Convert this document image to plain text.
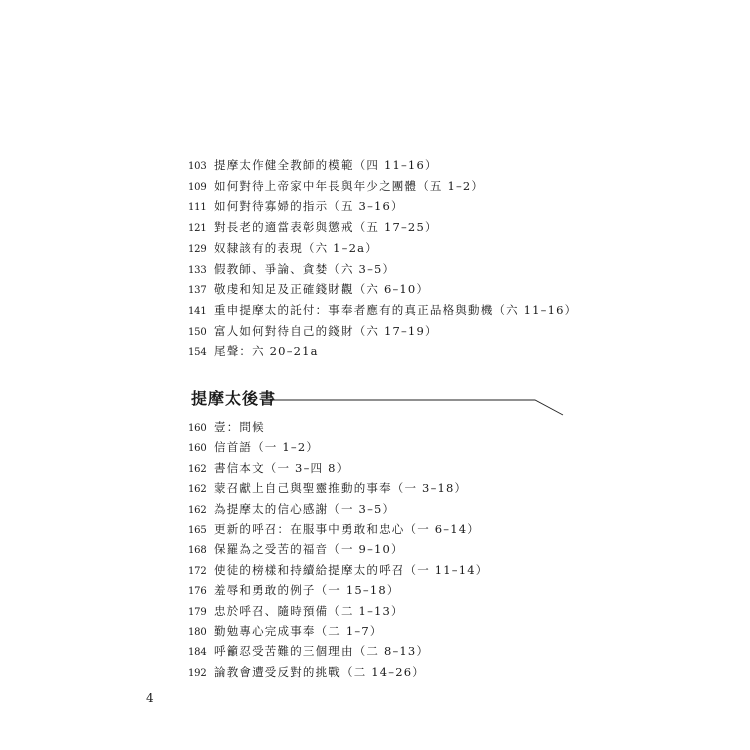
103 提摩太作健全教師的模範（四 11–16）
109 如何對待上帝家中年長與年少之團體（五 1–2）
111 如何對待寡婦的指示（五 3–16）
121 對長老的適當表彰與懲戒（五 17–25）
129 奴隸該有的表現（六 1–2a）
133 假教師、爭論、貪婪（六 3–5）
137 敬虔和知足及正確錢財觀（六 6–10）
141 重申提摩太的託付：事奉者應有的真正品格與動機（六 11–16）
150 富人如何對待自己的錢財（六 17–19）
154 尾聲：六 20–21a
提摩太後書
160 壹：問候
160 信首語（一 1–2）
162 書信本文（一 3–四 8）
162 蒙召獻上自己與聖靈推動的事奉（一 3–18）
162 為提摩太的信心感謝（一 3–5）
165 更新的呼召：在服事中勇敢和忠心（一 6–14）
168 保羅為之受苦的福音（一 9–10）
172 使徒的榜樣和持續給提摩太的呼召（一 11–14）
176 羞辱和勇敢的例子（一 15–18）
179 忠於呼召、隨時預備（二 1–13）
180 勤勉專心完成事奉（二 1–7）
184 呼籲忍受苦難的三個理由（二 8–13）
192 論教會遭受反對的挑戰（二 14–26）
4
